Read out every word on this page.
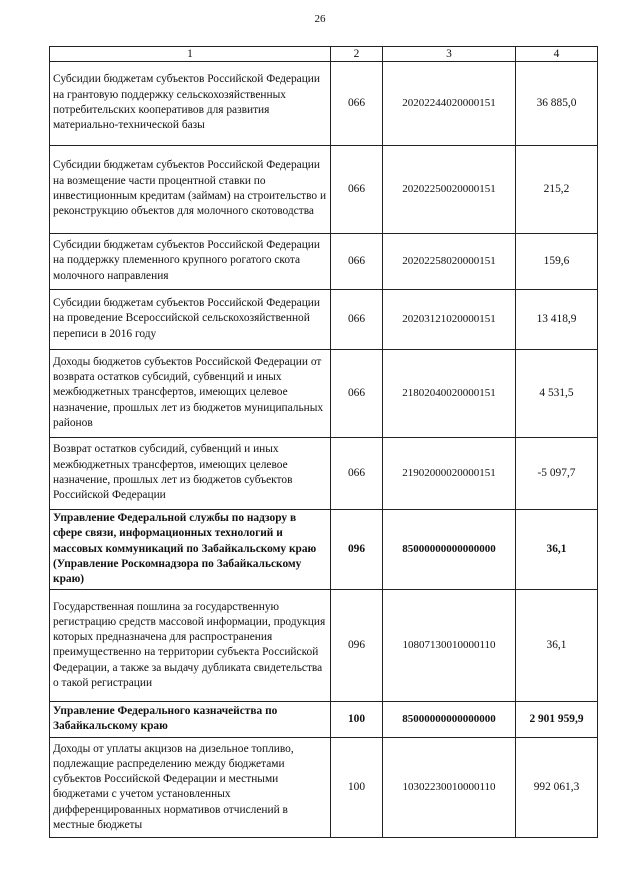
26
1	2	3	4
Субсидии бюджетам субъектов Российской Федерации на грантовую поддержку сельскохозяйственных потребительских кооперативов для развития материально-технической базы	066	20202244020000151	36 885,0
Субсидии бюджетам субъектов Российской Федерации на возмещение части процентной ставки по инвестиционным кредитам (займам) на строительство и реконструкцию объектов для молочного скотоводства	066	20202250020000151	215,2
Субсидии бюджетам субъектов Российской Федерации на поддержку племенного крупного рогатого скота молочного направления	066	20202258020000151	159,6
Субсидии бюджетам субъектов Российской Федерации на проведение Всероссийской сельскохозяйственной переписи в 2016 году	066	20203121020000151	13 418,9
Доходы бюджетов субъектов Российской Федерации от возврата остатков субсидий, субвенций и иных межбюджетных трансфертов, имеющих целевое назначение, прошлых лет из бюджетов муниципальных районов	066	21802040020000151	4 531,5
Возврат остатков субсидий, субвенций и иных межбюджетных трансфертов, имеющих целевое назначение, прошлых лет из бюджетов субъектов Российской Федерации	066	21902000020000151	-5 097,7
Управление Федеральной службы по надзору в сфере связи, информационных технологий и массовых коммуникаций по Забайкальскому краю (Управление Роскомнадзора по Забайкальскому краю)	096	85000000000000000	36,1
Государственная пошлина за государственную регистрацию средств массовой информации, продукция которых предназначена для распространения преимущественно на территории субъекта Российской Федерации, а также за выдачу дубликата свидетельства о такой регистрации	096	10807130010000110	36,1
Управление Федерального казначейства по Забайкальскому краю	100	85000000000000000	2 901 959,9
Доходы от уплаты акцизов на дизельное топливо, подлежащие распределению между бюджетами субъектов Российской Федерации и местными бюджетами с учетом установленных дифференцированных нормативов отчислений в местные бюджеты	100	10302230010000110	992 061,3
